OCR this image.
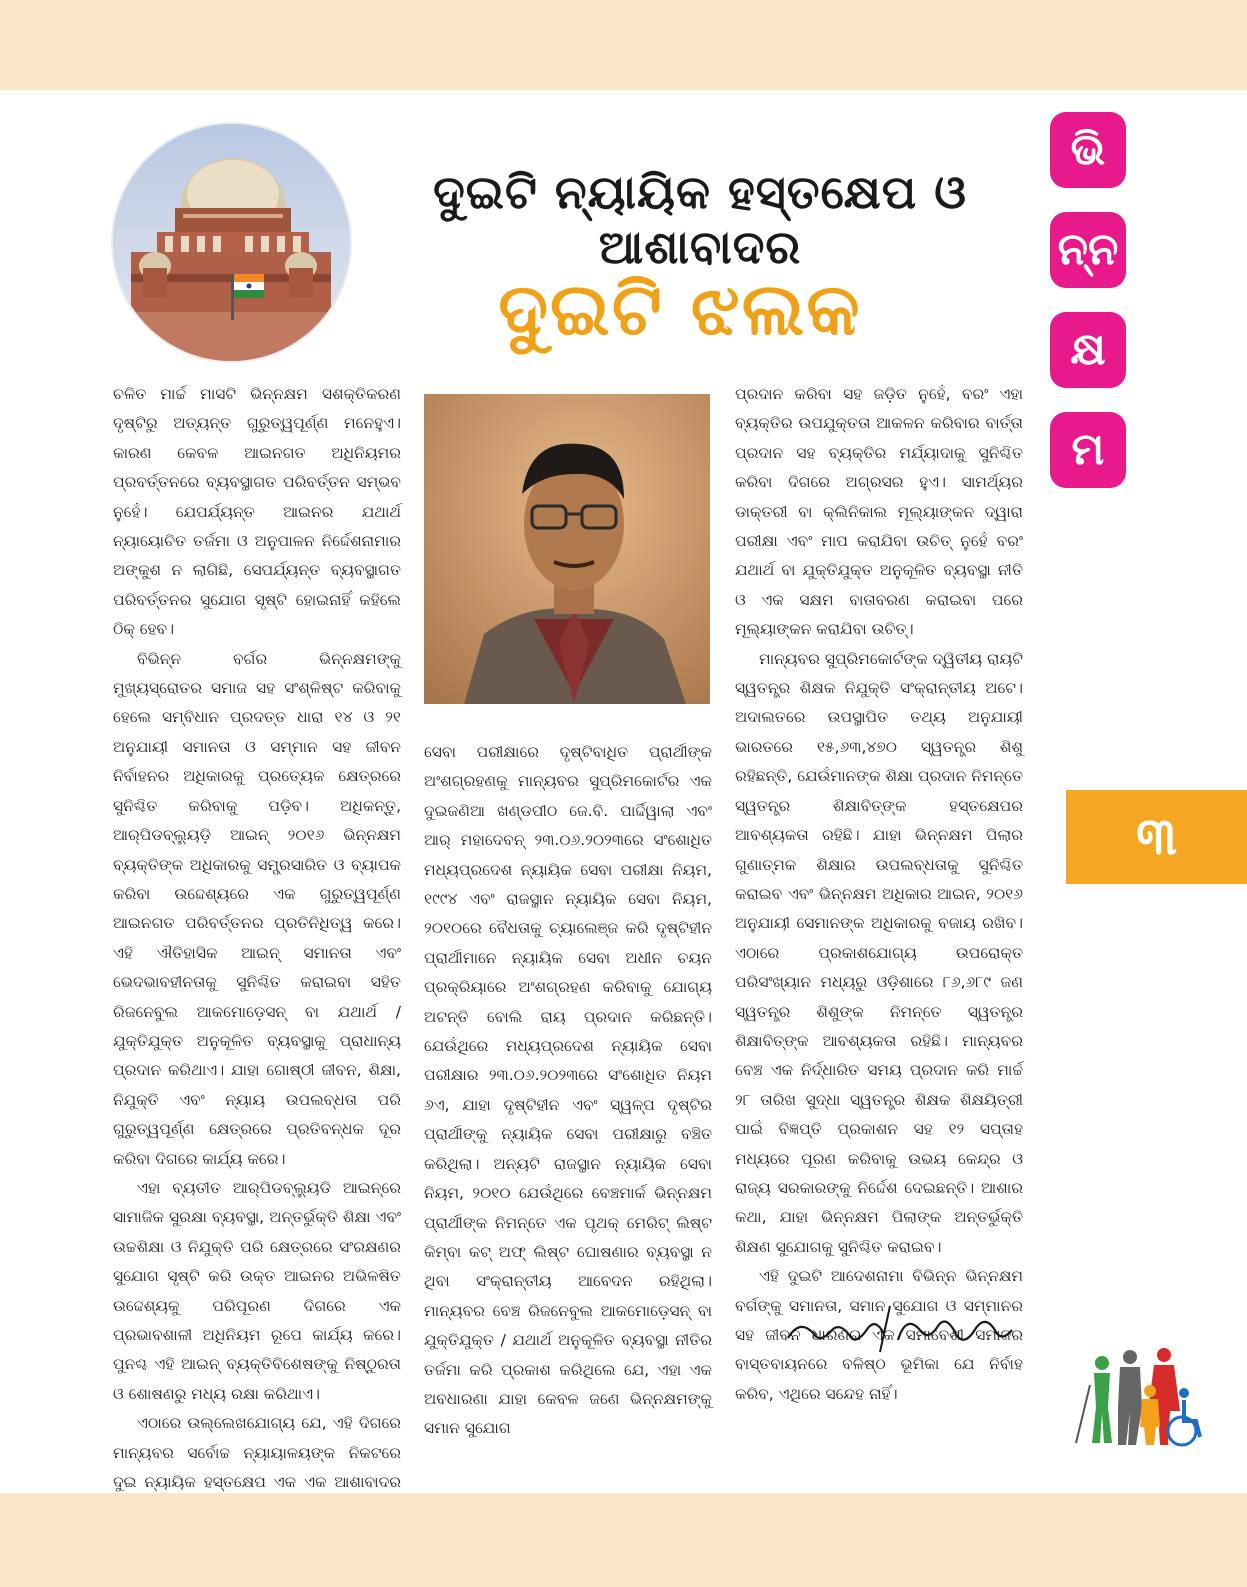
ଦୁଇଟି ନ୍ୟାୟିକ ହସ୍ତକ୍ଷେପ ଓ ଆଶାବାଦର
ଦୁଇଟି ଝଲକ
ଭି
ନ୍ନ
କ୍ଷ
ମ
୩

ଚଳିତ ମାର୍ଚ୍ଚ ମାସଟି ଭିନ୍ନକ୍ଷମ ସଶକ୍ତିକରଣ ଦୃଷ୍ଟିରୁ ଅତ୍ୟନ୍ତ ଗୁରୁତ୍ୱପୂର୍ଣ୍ଣ ମନେହୁଏ। କାରଣ କେବଳ ଆଇନଗତ ଅଧିନିୟମର ପ୍ରବର୍ତ୍ତନରେ ବ୍ୟବସ୍ଥାଗତ ପରିବର୍ତ୍ତନ ସମ୍ଭବ ନୁହେଁ। ଯେପର୍ଯ୍ୟନ୍ତ ଆଇନର ଯଥାର୍ଥ ନ୍ୟାୟୋଚିତ ତର୍ଜମା ଓ ଅନୁପାଳନ ନିର୍ଦ୍ଦେଶନାମାର ଅଙ୍କୁଶ ନ ଲାଗିଛି, ସେପର୍ଯ୍ୟନ୍ତ ବ୍ୟବସ୍ଥାଗତ ପରିବର୍ତ୍ତନର ସୁଯୋଗ ସୃଷ୍ଟି ହୋଇନାହିଁ କହିଲେ ଠିକ୍ ହେବ।

ବିଭିନ୍ନ ବର୍ଗର ଭିନ୍ନକ୍ଷମଙ୍କୁ ମୁଖ୍ୟସ୍ରୋତର ସମାଜ ସହ ସଂଶ୍ଳିଷ୍ଟ କରିବାକୁ ହେଲେ ସମ୍ବିଧାନ ପ୍ରଦତ୍ତ ଧାରା ୧୪ ଓ ୨୧ ଅନୁଯାୟୀ ସମାନତା ଓ ସମ୍ମାନ ସହ ଜୀବନ ନିର୍ବାହନର ଅଧିକାରକୁ ପ୍ରତ୍ୟେକ କ୍ଷେତ୍ରରେ ସୁନିଶ୍ଚିତ କରିବାକୁ ପଡ଼ିବ। ଅଧିକନ୍ତୁ, ଆର୍‌ପିଡବ୍ଲ୍ୟୁଡ଼ି ଆଇନ୍ ୨୦୧୬ ଭିନ୍ନକ୍ଷମ ବ୍ୟକ୍ତିଙ୍କ ଅଧିକାରକୁ ସମ୍ପ୍ରସାରିତ ଓ ବ୍ୟାପକ କରିବା ଉଦ୍ଦେଶ୍ୟରେ ଏକ ଗୁରୁତ୍ୱପୂର୍ଣ୍ଣ ଆଇନଗତ ପରିବର୍ତ୍ତନର ପ୍ରତିନିଧିତ୍ୱ କରେ। ଏହି ଐତିହାସିକ ଆଇନ୍ ସମାନତା ଏବଂ ଭେଦଭାବହୀନତାକୁ ସୁନିଶ୍ଚିତ କରାଇବା ସହିତ ରିଜନେବୁଲ ଆକମୋଡ଼େସନ୍ ବା ଯଥାର୍ଥ / ଯୁକ୍ତିଯୁକ୍ତ ଅନୁକୂଳିତ ବ୍ୟବସ୍ଥାକୁ ପ୍ରାଧାନ୍ୟ ପ୍ରଦାନ କରିଥାଏ। ଯାହା ଗୋଷ୍ଠୀ ଜୀବନ, ଶିକ୍ଷା, ନିଯୁକ୍ତି ଏବଂ ନ୍ୟାୟ ଉପଲବ୍ଧତା ପରି ଗୁରୁତ୍ୱପୂର୍ଣ୍ଣ କ୍ଷେତ୍ରରେ ପ୍ରତିବନ୍ଧକ ଦୂର କରିବା ଦିଗରେ କାର୍ଯ୍ୟ କରେ।

ଏହା ବ୍ୟତୀତ ଆର୍‌ପିଡବ୍ଲ୍ୟୁଡି ଆଇନ୍‌ରେ ସାମାଜିକ ସୁରକ୍ଷା ବ୍ୟବସ୍ଥା, ଅନ୍ତର୍ଭୁକ୍ତି ଶିକ୍ଷା ଏବଂ ଉଚ୍ଚଶିକ୍ଷା ଓ ନିଯୁକ୍ତି ପରି କ୍ଷେତ୍ରରେ ସଂରକ୍ଷଣର ସୁଯୋଗ ସୃଷ୍ଟି କରି ଉକ୍ତ ଆଇନର ଅଭିଳଷିତ ଉଦ୍ଦେଶ୍ୟକୁ ପରିପୂରଣ ଦିଗରେ ଏକ ପ୍ରଭାବଶାଳୀ ଅଧିନିୟମ ରୂପେ କାର୍ଯ୍ୟ କରେ। ପୁନଶ୍ଚ ଏହି ଆଇନ୍ ବ୍ୟକ୍ତିବିଶେଷଙ୍କୁ ନିଷ୍ଠୁରତା ଓ ଶୋଷଣରୁ ମଧ୍ୟ ରକ୍ଷା କରିଥାଏ।

ଏଠାରେ ଉଲ୍ଲେଖଯୋଗ୍ୟ ଯେ, ଏହି ଦିଗରେ ମାନ୍ୟବର ସର୍ବୋଚ୍ଚ ନ୍ୟାୟାଳୟଙ୍କ ନିକଟରେ ଦୁଇ ନ୍ୟାୟିକ ହସ୍ତକ୍ଷେପ ଏକ ଏକ ଆଶାବାଦର

ସେବା ପରୀକ୍ଷାରେ ଦୃଷ୍ଟିବାଧିତ ପ୍ରାର୍ଥୀଙ୍କ ଅଂଶଗ୍ରହଣକୁ ମାନ୍ୟବର ସୁପ୍ରିମକୋର୍ଟର ଏକ ଦୁଇଜଣିଆ ଖଣ୍ଡପୀଠ ଜେ.ବି. ପାର୍ଦ୍ଦିୱାଲା ଏବଂ ଆର୍ ମହାଦେବନ୍ ୨୩.୦୬.୨୦୨୩ରେ ସଂଶୋଧିତ ମଧ୍ୟପ୍ରଦେଶ ନ୍ୟାୟିକ ସେବା ପରୀକ୍ଷା ନିୟମ, ୧୯୯୪ ଏବଂ ରାଜସ୍ଥାନ ନ୍ୟାୟିକ ସେବା ନିୟମ, ୨୦୧୦ରେ ବୈଧତାକୁ ଚ୍ୟାଲେଞ୍ଜ କରି ଦୃଷ୍ଟିହୀନ ପ୍ରାର୍ଥୀମାନେ ନ୍ୟାୟିକ ସେବା ଅଧୀନ ଚୟନ ପ୍ରକ୍ରିୟାରେ ଅଂଶଗ୍ରହଣ କରିବାକୁ ଯୋଗ୍ୟ ଅଟନ୍ତି ବୋଲି ରାୟ ପ୍ରଦାନ କରିଛନ୍ତି। ଯେଉଁଥିରେ ମଧ୍ୟପ୍ରଦେଶ ନ୍ୟାୟିକ ସେବା ପରୀକ୍ଷାର ୨୩.୦୬.୨୦୨୩ରେ ସଂଶୋଧିତ ନିୟମ ୬ଏ, ଯାହା ଦୃଷ୍ଟିହୀନ ଏବଂ ସ୍ୱଳ୍ପ ଦୃଷ୍ଟିର ପ୍ରାର୍ଥୀଙ୍କୁ ନ୍ୟାୟିକ ସେବା ପରୀକ୍ଷାରୁ ବଞ୍ଚିତ କରିଥିଲା। ଅନ୍ୟଟି ରାଜସ୍ଥାନ ନ୍ୟାୟିକ ସେବା ନିୟମ, ୨୦୧୦ ଯେଉଁଥିରେ ବେଞ୍ଚମାର୍କ ଭିନ୍ନକ୍ଷମ ପ୍ରାର୍ଥୀଙ୍କ ନିମନ୍ତେ ଏକ ପୃଥକ୍ ମେରିଟ୍ ଲିଷ୍ଟ କିମ୍ବା କଟ୍ ଅଫ୍ ଲିଷ୍ଟ ଘୋଷଣାର ବ୍ୟବସ୍ଥା ନ ଥିବା ସଂକ୍ରାନ୍ତୀୟ ଆବେଦନ ରହିଥିଲା। ମାନ୍ୟବର ବେଞ୍ଚ ରିଜନେବୁଲ ଆକମୋଡ଼େସନ୍ ବା ଯୁକ୍ତିଯୁକ୍ତ / ଯଥାର୍ଥ ଅନୁକୂଳିତ ବ୍ୟବସ୍ଥା ନୀତିର ତର୍ଜମା କରି ପ୍ରକାଶ କରିଥିଲେ ଯେ, ଏହା ଏକ ଅବଧାରଣା ଯାହା କେବଳ ଜଣେ ଭିନ୍ନକ୍ଷମଙ୍କୁ ସମାନ ସୁଯୋଗ

ପ୍ରଦାନ କରିବା ସହ ଜଡ଼ିତ ନୁହେଁ, ବରଂ ଏହା ବ୍ୟକ୍ତିର ଉପଯୁକ୍ତତା ଆକଳନ କରିବାର ବାର୍ତ୍ତା ପ୍ରଦାନ ସହ ବ୍ୟକ୍ତିର ମର୍ଯ୍ୟାଦାକୁ ସୁନିଶ୍ଚିତ କରିବା ଦିଗରେ ଅଗ୍ରସର ହୁଏ। ସାମର୍ଥ୍ୟର ଡାକ୍ତରୀ ବା କ୍ଲିନିକାଲ ମୂଲ୍ୟାଙ୍କନ ଦ୍ୱାରା ପରୀକ୍ଷା ଏବଂ ମାପ କରାଯିବା ଉଚିତ୍ ନୁହେଁ ବରଂ ଯଥାର୍ଥ ବା ଯୁକ୍ତିଯୁକ୍ତ ଅନୁକୂଳିତ ବ୍ୟବସ୍ଥା ନୀତି ଓ ଏକ ସକ୍ଷମ ବାତାବରଣ କରାଇବା ପରେ ମୂଲ୍ୟାଙ୍କନ କରାଯିବା ଉଚିତ୍।

ମାନ୍ୟବର ସୁପ୍ରିମକୋର୍ଟଙ୍କ ଦ୍ୱିତୀୟ ରାୟଟି ସ୍ୱତନ୍ତ୍ର ଶିକ୍ଷକ ନିଯୁକ୍ତି ସଂକ୍ରାନ୍ତୀୟ ଅଟେ। ଅଦାଲତରେ ଉପସ୍ଥାପିତ ତଥ୍ୟ ଅନୁଯାୟୀ ଭାରତରେ ୧୫,୬୩,୪୭୦ ସ୍ୱତନ୍ତ୍ର ଶିଶୁ ରହିଛନ୍ତି, ଯେଉଁମାନଙ୍କ ଶିକ୍ଷା ପ୍ରଦାନ ନିମନ୍ତେ ସ୍ୱତନ୍ତ୍ର ଶିକ୍ଷାବିତ୍‌ଙ୍କ ହସ୍ତକ୍ଷେପର ଆବଶ୍ୟକତା ରହିଛି। ଯାହା ଭିନ୍ନକ୍ଷମ ପିଲାର ଗୁଣାତ୍ମକ ଶିକ୍ଷାର ଉପଲବ୍ଧତାକୁ ସୁନିଶ୍ଚିତ କରାଇବ ଏବଂ ଭିନ୍ନକ୍ଷମ ଅଧିକାର ଆଇନ, ୨୦୧୬ ଅନୁଯାୟୀ ସେମାନଙ୍କ ଅଧିକାରକୁ ବଜାୟ ରଖିବ। ଏଠାରେ ପ୍ରକାଶଯୋଗ୍ୟ ଉପରୋକ୍ତ ପରିସଂଖ୍ୟାନ ମଧ୍ୟରୁ ଓଡ଼ିଶାରେ ୮୬,୬୮୯ ଜଣ ସ୍ୱତନ୍ତ୍ର ଶିଶୁଙ୍କ ନିମନ୍ତେ ସ୍ୱତନ୍ତ୍ର ଶିକ୍ଷାବିତ୍‌ଙ୍କ ଆବଶ୍ୟକତା ରହିଛି। ମାନ୍ୟବର ବେଞ୍ଚ ଏକ ନିର୍ଦ୍ଧାରିତ ସମୟ ପ୍ରଦାନ କରି ମାର୍ଚ୍ଚ ୨୮ ତାରିଖ ସୁଦ୍ଧା ସ୍ୱତନ୍ତ୍ର ଶିକ୍ଷକ ଶିକ୍ଷୟିତ୍ରୀ ପାଇଁ ବିଜ୍ଞପ୍ତି ପ୍ରକାଶନ ସହ ୧୨ ସପ୍ତାହ ମଧ୍ୟରେ ପୂରଣ କରିବାକୁ ଉଭୟ କେନ୍ଦ୍ର ଓ ରାଜ୍ୟ ସରକାରଙ୍କୁ ନିର୍ଦ୍ଦେଶ ଦେଇଛନ୍ତି। ଆଶାର କଥା, ଯାହା ଭିନ୍ନକ୍ଷମ ପିଲାଙ୍କ ଅନ୍ତର୍ଭୁକ୍ତି ଶିକ୍ଷଣ ସୁଯୋଗକୁ ସୁନିଶ୍ଚିତ କରାଇବ।

ଏହି ଦୁଇଟି ଆଦେଶନାମା ବିଭିନ୍ନ ଭିନ୍ନକ୍ଷମ ବର୍ଗଙ୍କୁ ସମାନତା, ସମାନ ସୁଯୋଗ ଓ ସମ୍ମାନର ସହ ଜୀବନ ଧାରଣର ଏକ ସମାବେଶୀ ସମାଜର ବାସ୍ତବାୟନରେ ବଳିଷ୍ଠ ଭୂମିକା ଯେ ନିର୍ବାହ କରିବ, ଏଥିରେ ସନ୍ଦେହ ନାହିଁ।
